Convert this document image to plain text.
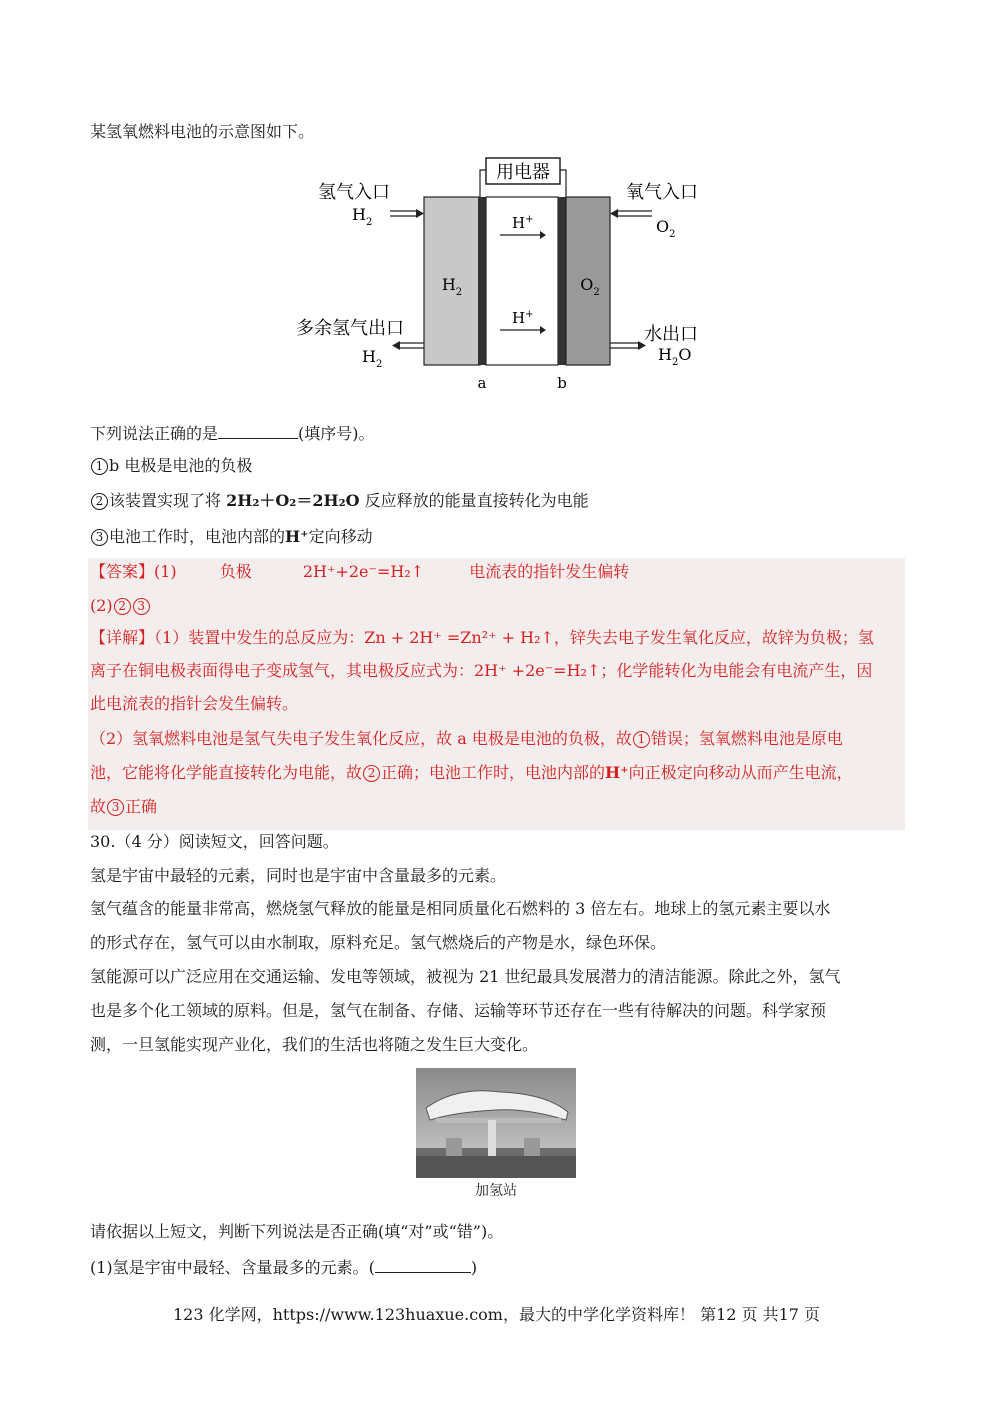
某氢氧燃料电池的示意图如下。
用电器
$H_2$	$O_2$
H+
H+
氢气入口
$H_2$
氧气入口
$O_2$
多余氢气出口
$H_2$
水出口
$H_2O$
a	b
下列说法正确的是	(填序号)。
1 b 电极是电池的负极
2 该装置实现了将 2H₂＋O₂＝2H₂O 反应释放的能量直接转化为电能
3 电池工作时，电池内部的H⁺定向移动
【答案】(1)	负极	2H⁺+2e⁻=H₂↑	电流表的指针发生偏转
(2) 2 3
【详解】（1）装置中发生的总反应为：Zn + 2H⁺ =Zn²⁺ + H₂↑，锌失去电子发生氧化反应，故锌为负极；氢
离子在铜电极表面得电子变成氢气，其电极反应式为：2H⁺ +2e⁻=H₂↑；化学能转化为电能会有电流产生，因
此电流表的指针会发生偏转。
（2）氢氧燃料电池是氢气失电子发生氧化反应，故 a 电极是电池的负极，故 1 错误；氢氧燃料电池是原电
池，它能将化学能直接转化为电能，故 2 正确；电池工作时，电池内部的H⁺向正极定向移动从而产生电流，
故 3 正确
30.（4 分）阅读短文，回答问题。
氢是宇宙中最轻的元素，同时也是宇宙中含量最多的元素。
氢气蕴含的能量非常高，燃烧氢气释放的能量是相同质量化石燃料的 3 倍左右。地球上的氢元素主要以水
的形式存在，氢气可以由水制取，原料充足。氢气燃烧后的产物是水，绿色环保。
氢能源可以广泛应用在交通运输、发电等领域，被视为 21 世纪最具发展潜力的清洁能源。除此之外，氢气
也是多个化工领域的原料。但是，氢气在制备、存储、运输等环节还存在一些有待解决的问题。科学家预
测，一旦氢能实现产业化，我们的生活也将随之发生巨大变化。
加氢站
请依据以上短文，判断下列说法是否正确(填“对”或“错”)。
(1)氢是宇宙中最轻、含量最多的元素。(	)
123 化学网，https://www.123huaxue.com，最大的中学化学资料库！ 第12 页 共17 页
